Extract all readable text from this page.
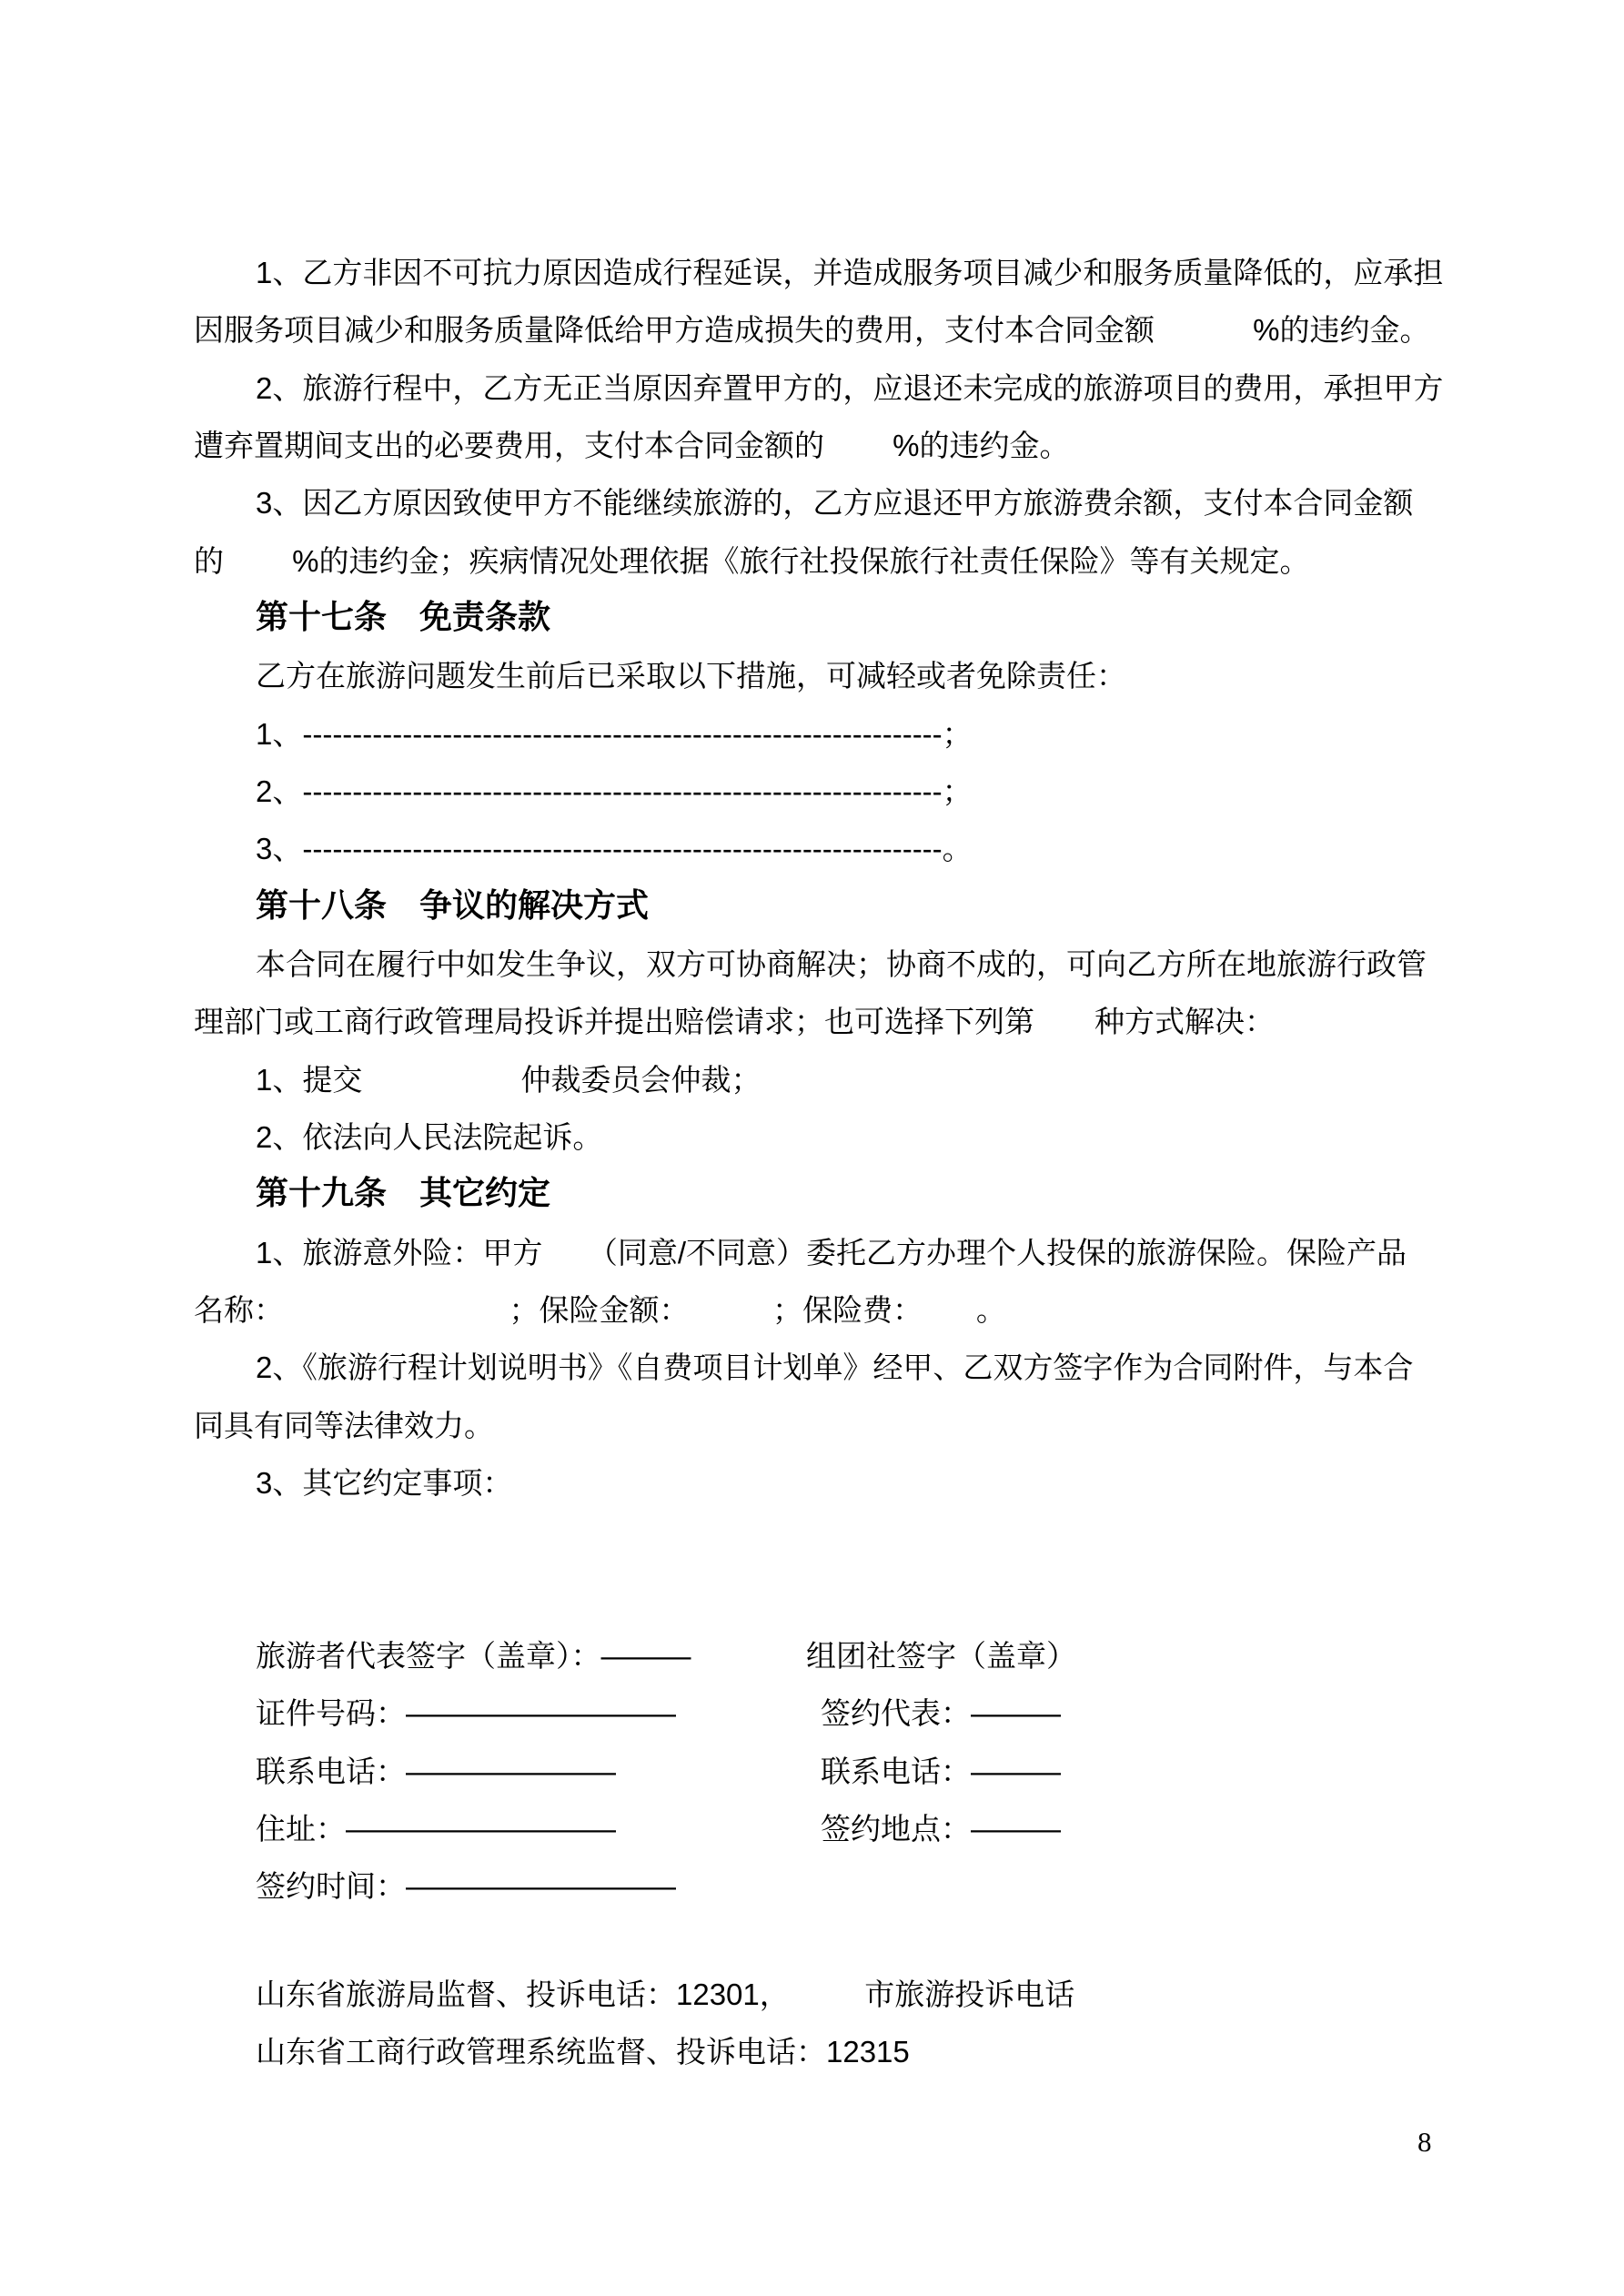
1、乙方非因不可抗力原因造成行程延误，并造成服务项目减少和服务质量降低的，应承担
因服务项目减少和服务质量降低给甲方造成损失的费用，支付本合同金额　　　 %的违约金。
2、旅游行程中，乙方无正当原因弃置甲方的，应退还未完成的旅游项目的费用，承担甲方
遭弃置期间支出的必要费用，支付本合同金额的　　 %的违约金。
3、因乙方原因致使甲方不能继续旅游的，乙方应退还甲方旅游费余额，支付本合同金额
的　　 %的违约金；疾病情况处理依据《旅行社投保旅行社责任保险》等有关规定。
第十七条　免责条款
乙方在旅游问题发生前后已采取以下措施，可减轻或者免除责任：
1、----------------------------------------------------------------；
2、----------------------------------------------------------------；
3、----------------------------------------------------------------。
第十八条　争议的解决方式
本合同在履行中如发生争议，双方可协商解决；协商不成的，可向乙方所在地旅游行政管
理部门或工商行政管理局投诉并提出赔偿请求；也可选择下列第　　种方式解决：
1、提交　　　　　 仲裁委员会仲裁；
2、依法向人民法院起诉。
第十九条　其它约定
1、旅游意外险：甲方　　（同意/不同意）委托乙方办理个人投保的旅游保险。保险产品
名称：　　　　　　　　；保险金额：　　　 ；保险费：　　 。
2、《旅游行程计划说明书》《自费项目计划单》经甲、乙双方签字作为合同附件，与本合
同具有同等法律效力。
3、其它约定事项：
旅游者代表签字（盖章）：———	组团社签字（盖章）
证件号码：—————————	签约代表：———
联系电话：———————	联系电话：———
住址：—————————	签约地点：———
签约时间：—————————
山东省旅游局监督、投诉电话：12301，　　　市旅游投诉电话
山东省工商行政管理系统监督、投诉电话：12315
8
